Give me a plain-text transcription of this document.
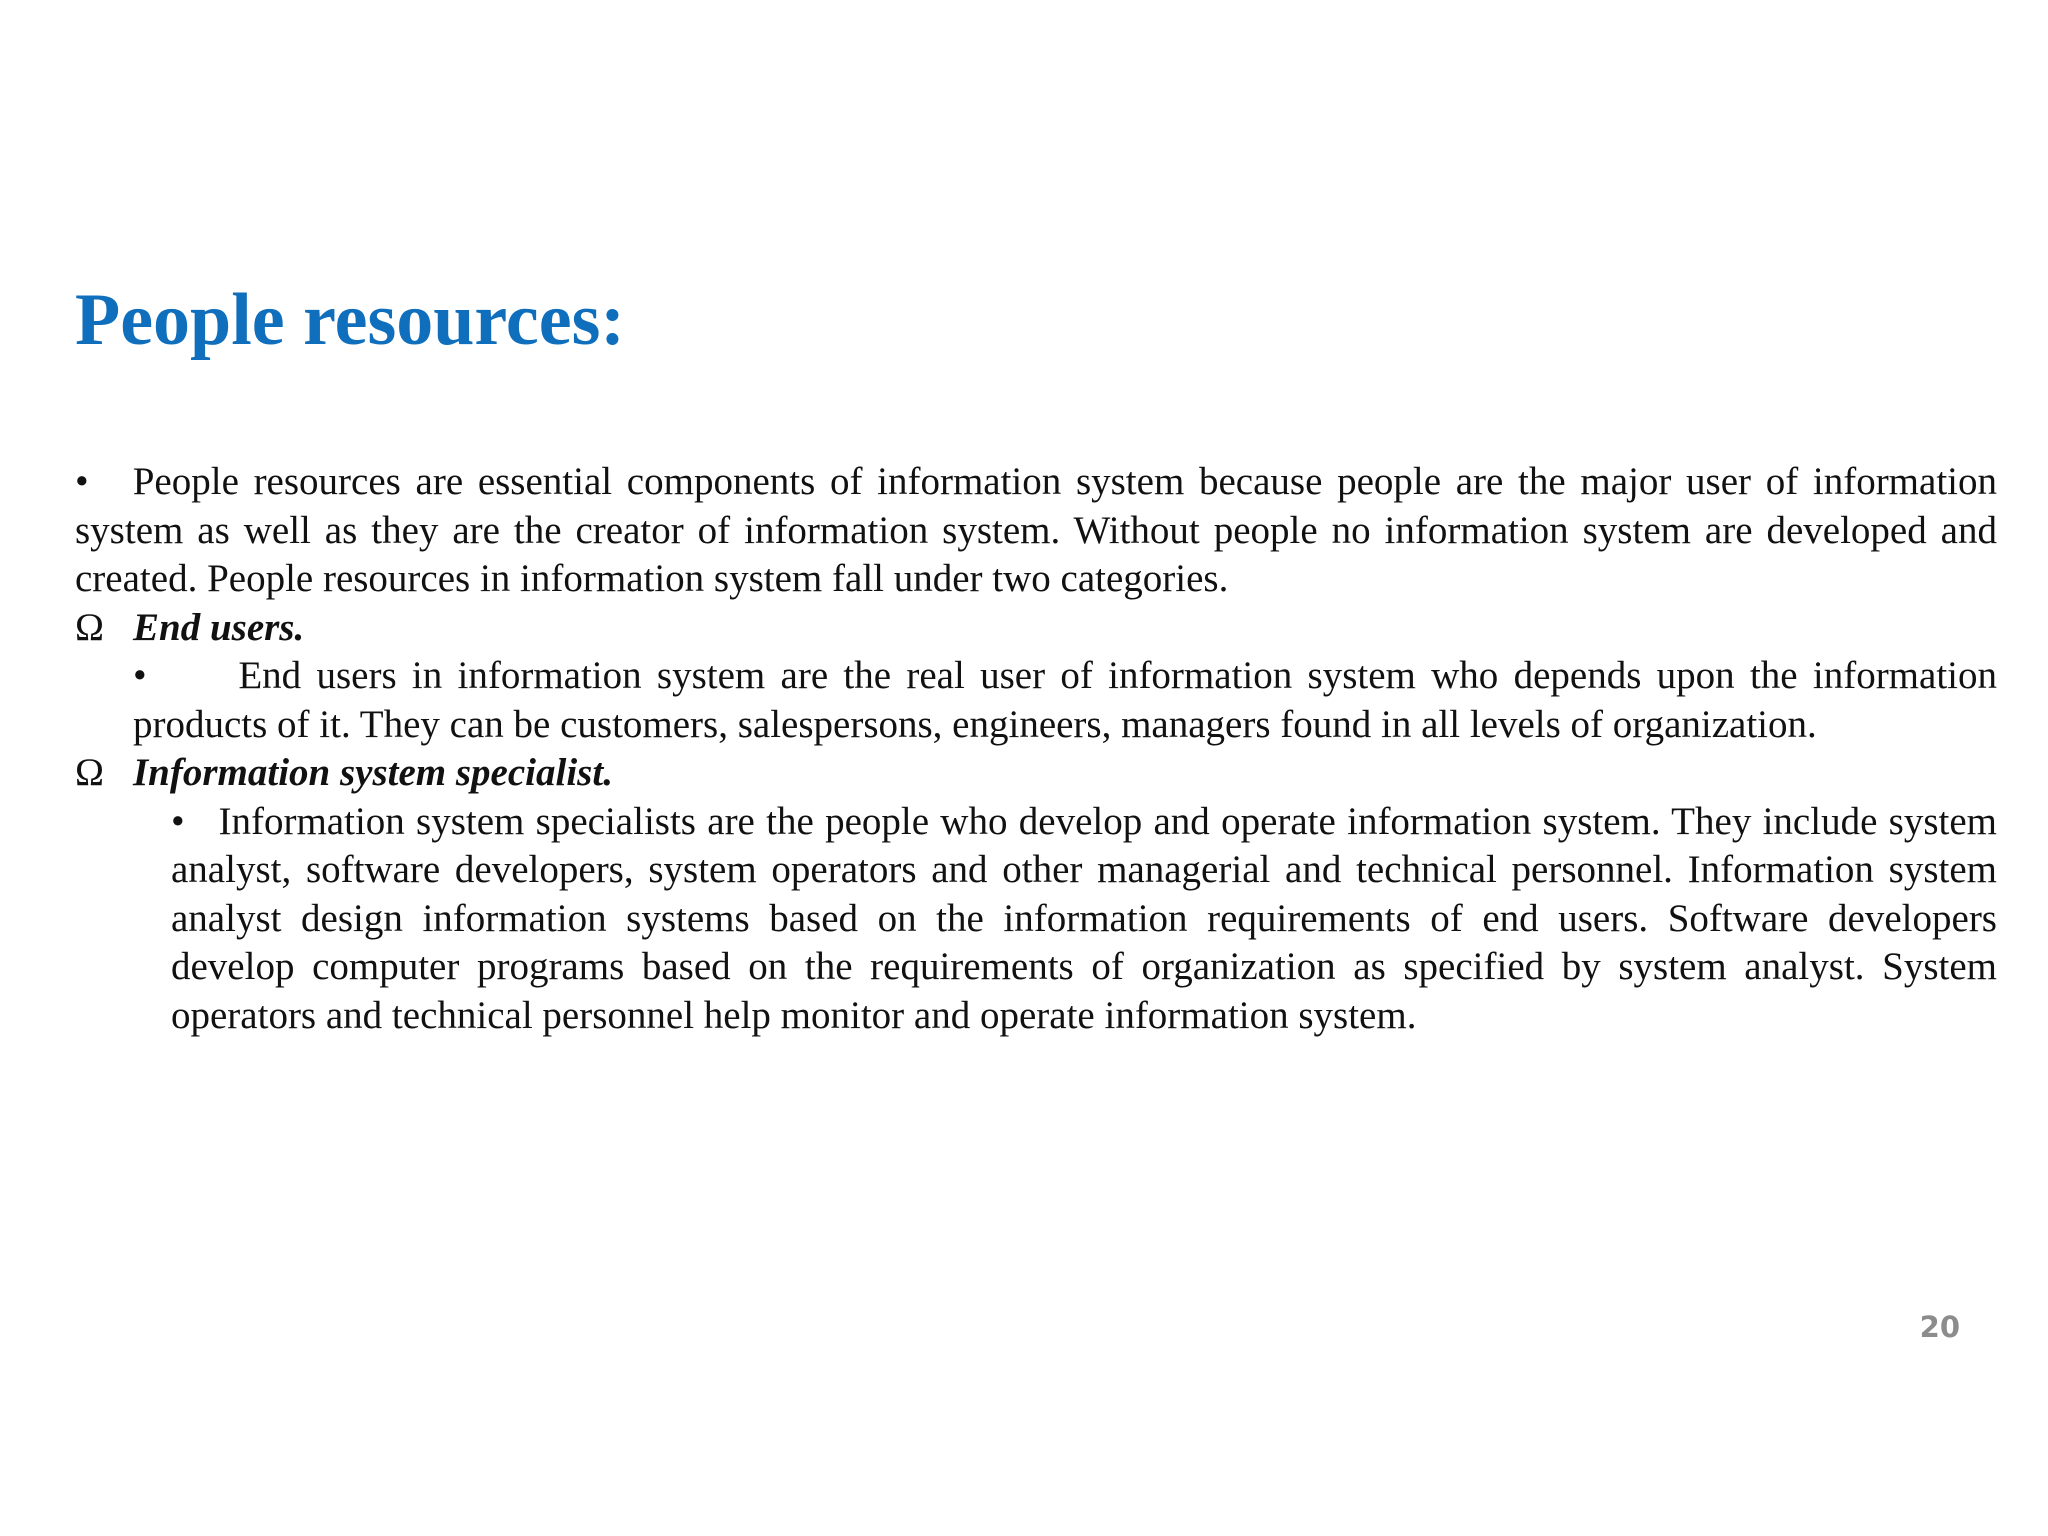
People resources:

• People resources are essential components of information system because people are the major user of information system as well as they are the creator of information system. Without people no information system are developed and created. People resources in information system fall under two categories.

Ω End users.

• End users in information system are the real user of information system who depends upon the information products of it. They can be customers, salespersons, engineers, managers found in all levels of organization.

Ω Information system specialist.

• Information system specialists are the people who develop and operate information system. They include system analyst, software developers, system operators and other managerial and technical personnel. Information system analyst design information systems based on the information requirements of end users. Software developers develop computer programs based on the requirements of organization as specified by system analyst. System operators and technical personnel help monitor and operate information system.

20
